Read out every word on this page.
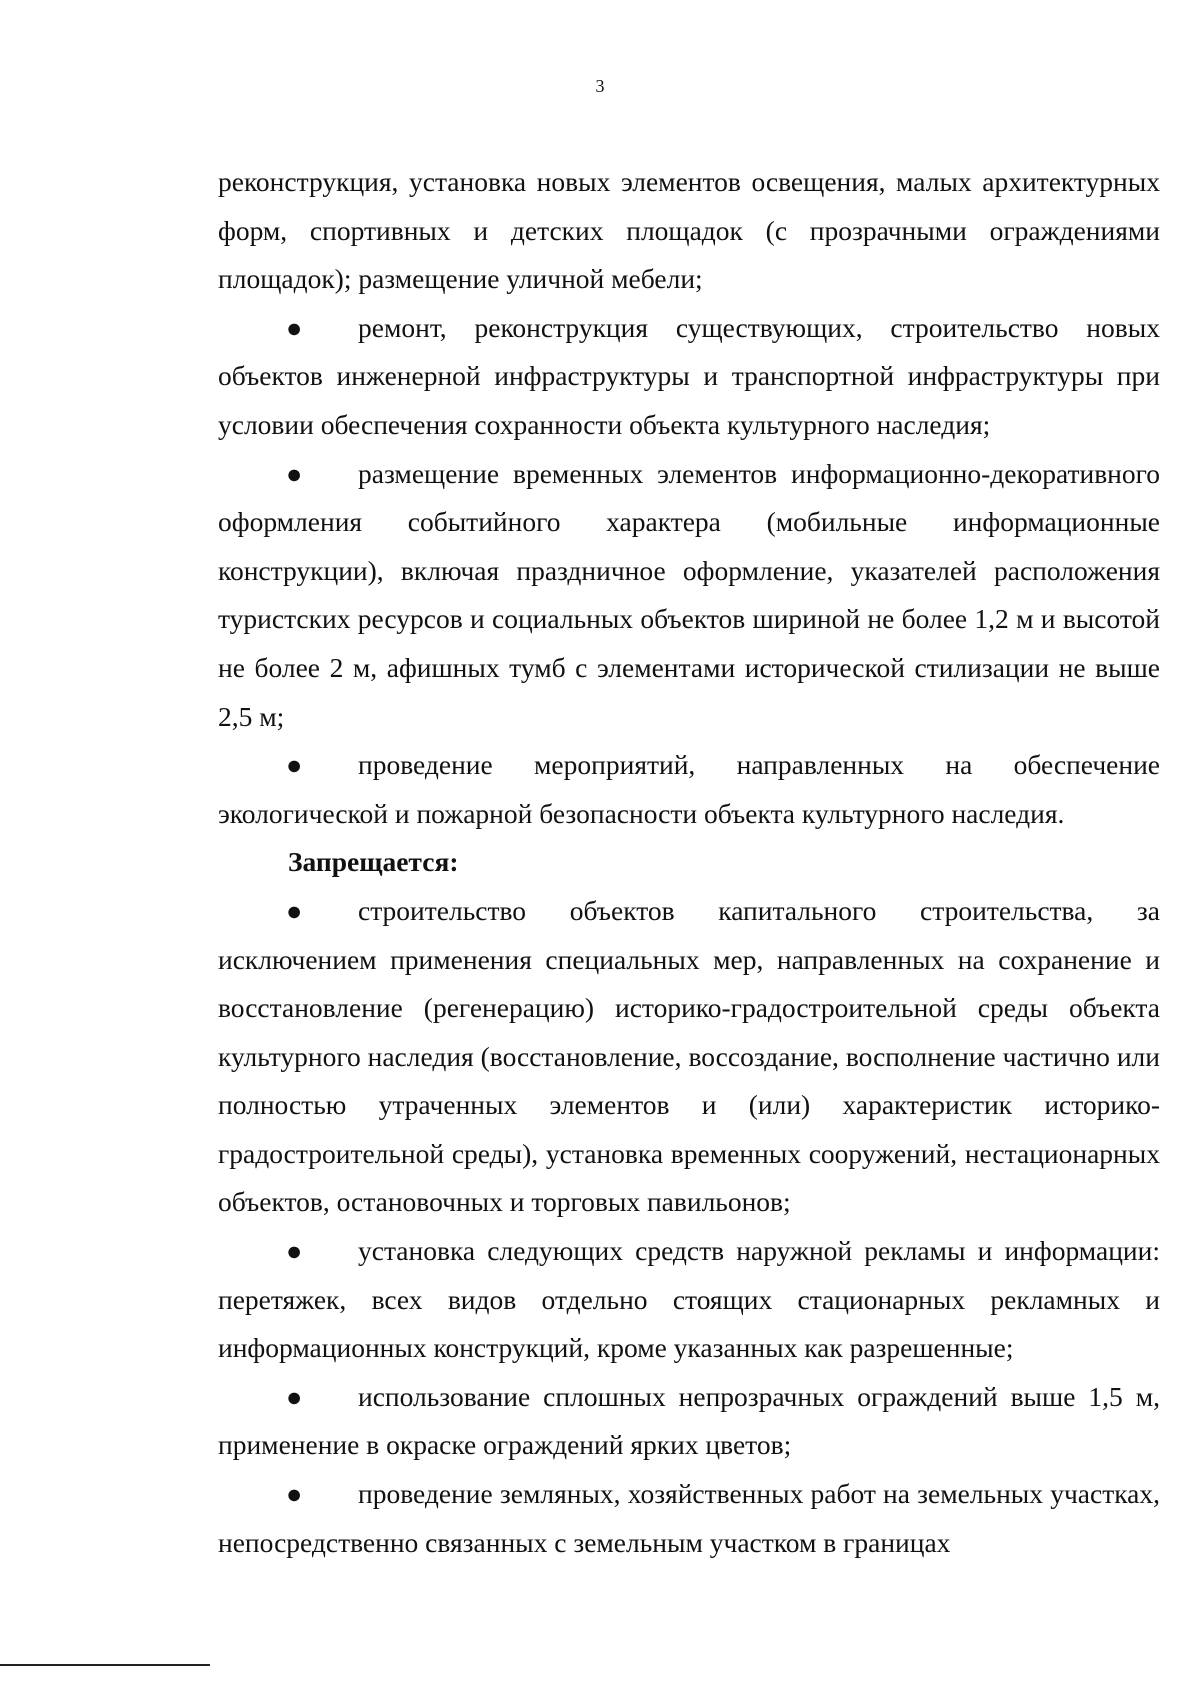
3

реконструкция, установка новых элементов освещения, малых архитектурных форм, спортивных и детских площадок (с прозрачными ограждениями площадок); размещение уличной мебели;

● ремонт, реконструкция существующих, строительство новых объектов инженерной инфраструктуры и транспортной инфраструктуры при условии обеспечения сохранности объекта культурного наследия;

● размещение временных элементов информационно-декоративного оформления событийного характера (мобильные информационные конструкции), включая праздничное оформление, указателей расположения туристских ресурсов и социальных объектов шириной не более 1,2 м и высотой не более 2 м, афишных тумб с элементами исторической стилизации не выше 2,5 м;

● проведение мероприятий, направленных на обеспечение экологической и пожарной безопасности объекта культурного наследия.

Запрещается:

● строительство объектов капитального строительства, за исключением применения специальных мер, направленных на сохранение и восстановление (регенерацию) историко-градостроительной среды объекта культурного наследия (восстановление, воссоздание, восполнение частично или полностью утраченных элементов и (или) характеристик историко-градостроительной среды), установка временных сооружений, нестационарных объектов, остановочных и торговых павильонов;

● установка следующих средств наружной рекламы и информации: перетяжек, всех видов отдельно стоящих стационарных рекламных и информационных конструкций, кроме указанных как разрешенные;

● использование сплошных непрозрачных ограждений выше 1,5 м, применение в окраске ограждений ярких цветов;

● проведение земляных, хозяйственных работ на земельных участках, непосредственно связанных с земельным участком в границах
